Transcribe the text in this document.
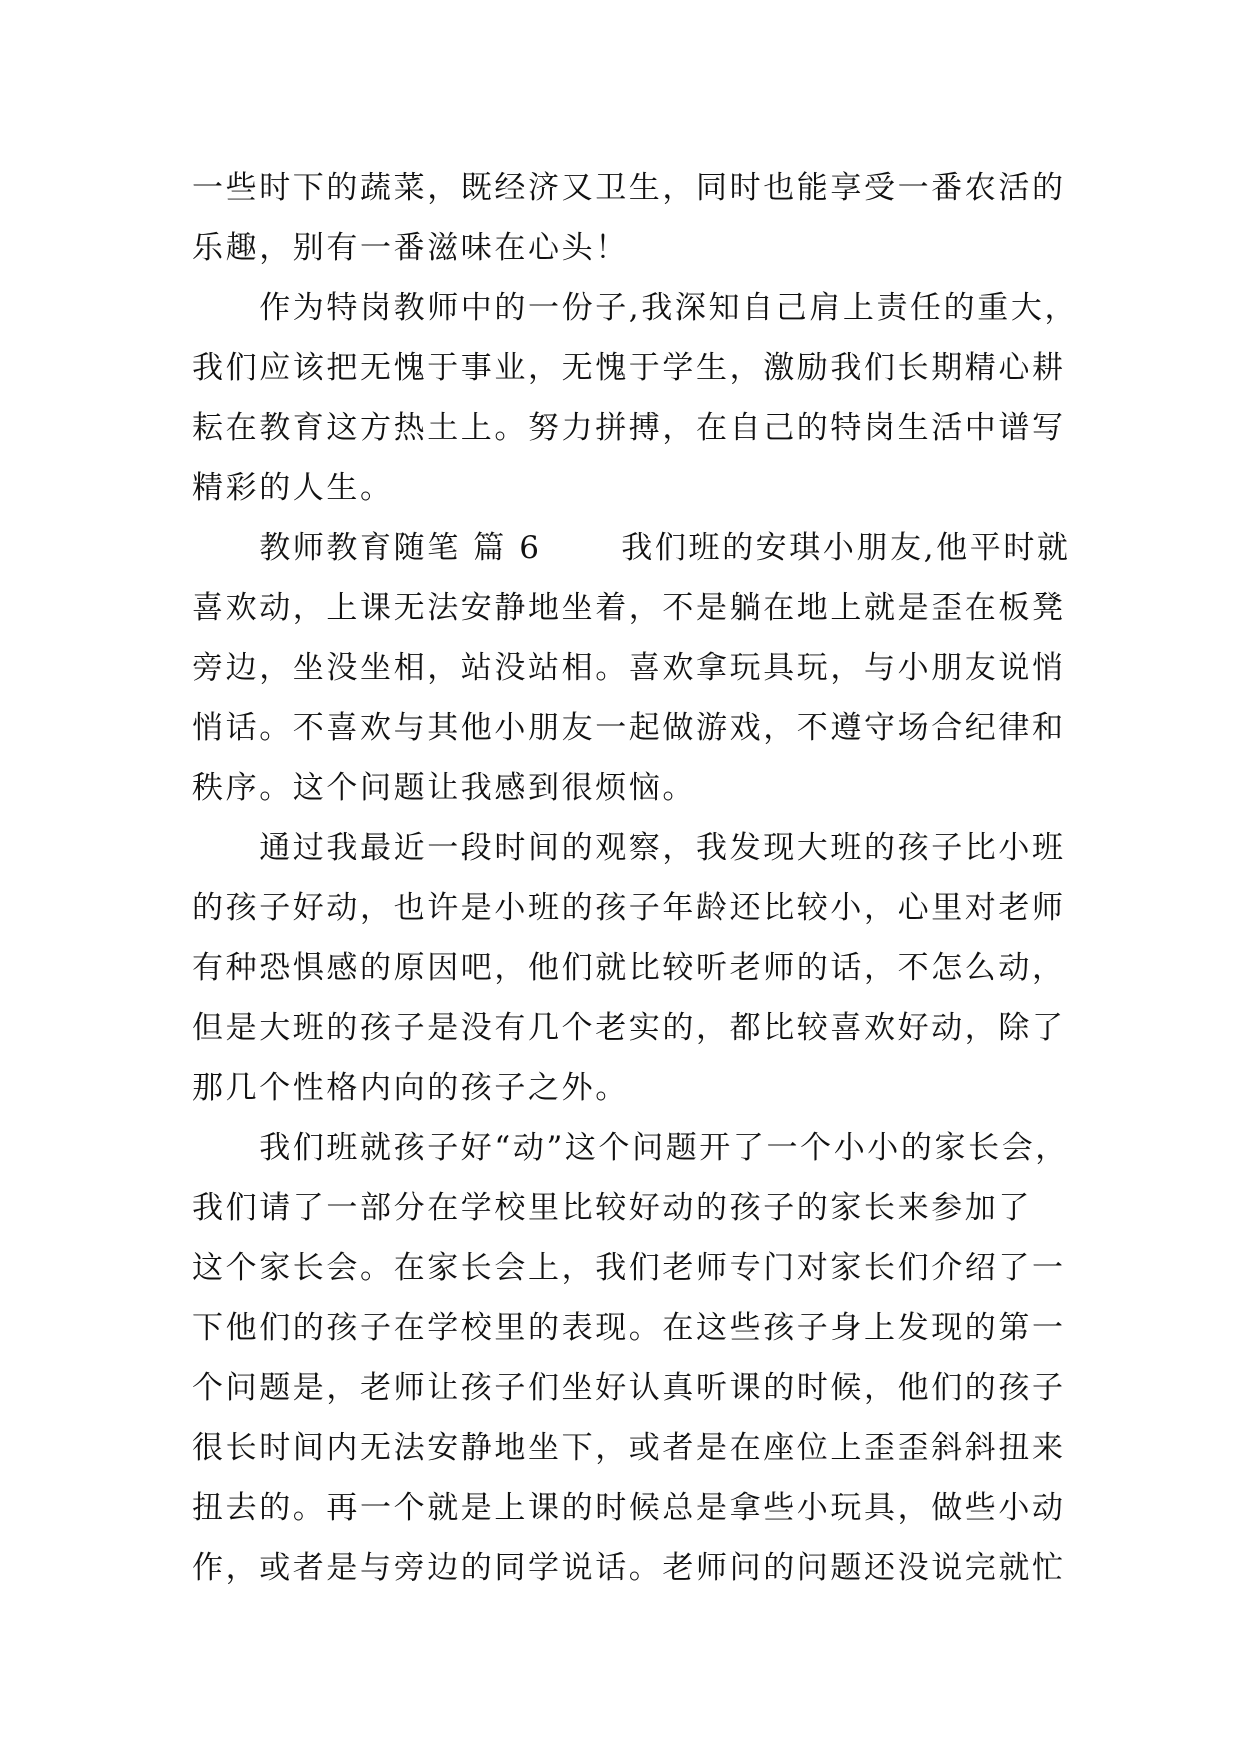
一些时下的蔬菜，既经济又卫生，同时也能享受一番农活的
乐趣，别有一番滋味在心头！
　　作为特岗教师中的一份子,我深知自己肩上责任的重大，
我们应该把无愧于事业，无愧于学生，激励我们长期精心耕
耘在教育这方热土上。努力拼搏，在自己的特岗生活中谱写
精彩的人生。
　　教师教育随笔 篇 6　　 我们班的安琪小朋友,他平时就
喜欢动，上课无法安静地坐着，不是躺在地上就是歪在板凳
旁边，坐没坐相，站没站相。喜欢拿玩具玩，与小朋友说悄
悄话。不喜欢与其他小朋友一起做游戏，不遵守场合纪律和
秩序。这个问题让我感到很烦恼。
　　通过我最近一段时间的观察，我发现大班的孩子比小班
的孩子好动，也许是小班的孩子年龄还比较小，心里对老师
有种恐惧感的原因吧，他们就比较听老师的话，不怎么动，
但是大班的孩子是没有几个老实的，都比较喜欢好动，除了
那几个性格内向的孩子之外。
　　我们班就孩子好“动”这个问题开了一个小小的家长会，
我们请了一部分在学校里比较好动的孩子的家长来参加了
这个家长会。在家长会上，我们老师专门对家长们介绍了一
下他们的孩子在学校里的表现。在这些孩子身上发现的第一
个问题是，老师让孩子们坐好认真听课的时候，他们的孩子
很长时间内无法安静地坐下，或者是在座位上歪歪斜斜扭来
扭去的。再一个就是上课的时候总是拿些小玩具，做些小动
作，或者是与旁边的同学说话。老师问的问题还没说完就忙
